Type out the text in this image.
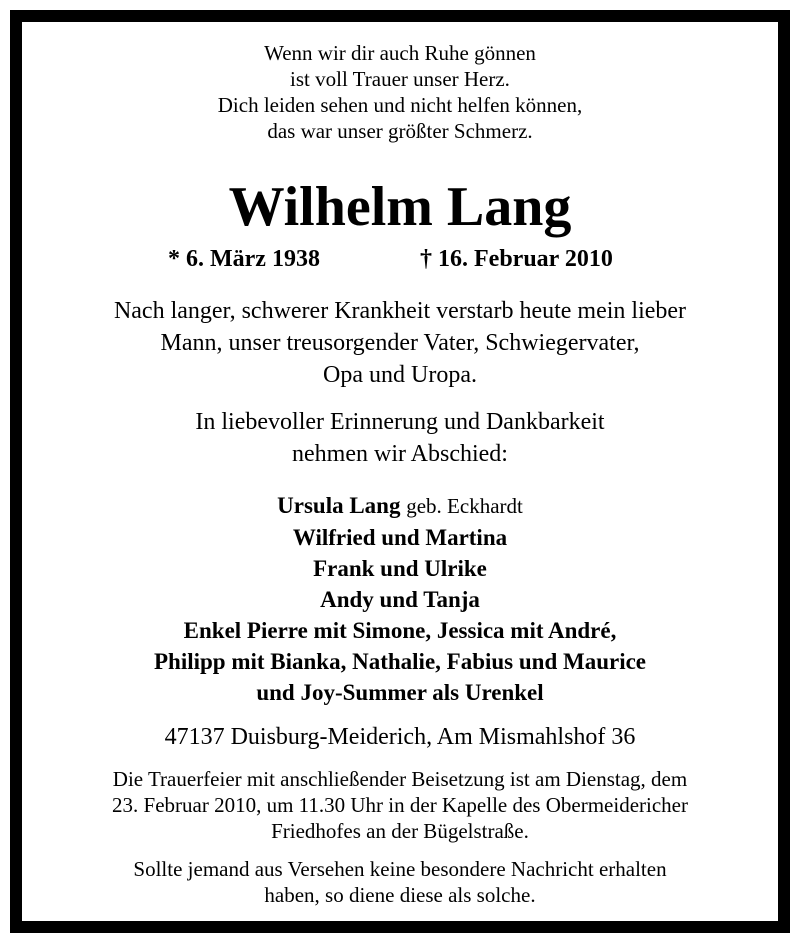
Wenn wir dir auch Ruhe gönnen
ist voll Trauer unser Herz.
Dich leiden sehen und nicht helfen können,
das war unser größter Schmerz.
Wilhelm Lang
* 6. März 1938	† 16. Februar 2010
Nach langer, schwerer Krankheit verstarb heute mein lieber
Mann, unser treusorgender Vater, Schwiegervater,
Opa und Uropa.
In liebevoller Erinnerung und Dankbarkeit
nehmen wir Abschied:
Ursula Lang geb. Eckhardt
Wilfried und Martina
Frank und Ulrike
Andy und Tanja
Enkel Pierre mit Simone, Jessica mit André,
Philipp mit Bianka, Nathalie, Fabius und Maurice
und Joy-Summer als Urenkel
47137 Duisburg-Meiderich, Am Mismahlshof 36
Die Trauerfeier mit anschließender Beisetzung ist am Dienstag, dem
23. Februar 2010, um 11.30 Uhr in der Kapelle des Obermeidericher
Friedhofes an der Bügelstraße.
Sollte jemand aus Versehen keine besondere Nachricht erhalten
haben, so diene diese als solche.
